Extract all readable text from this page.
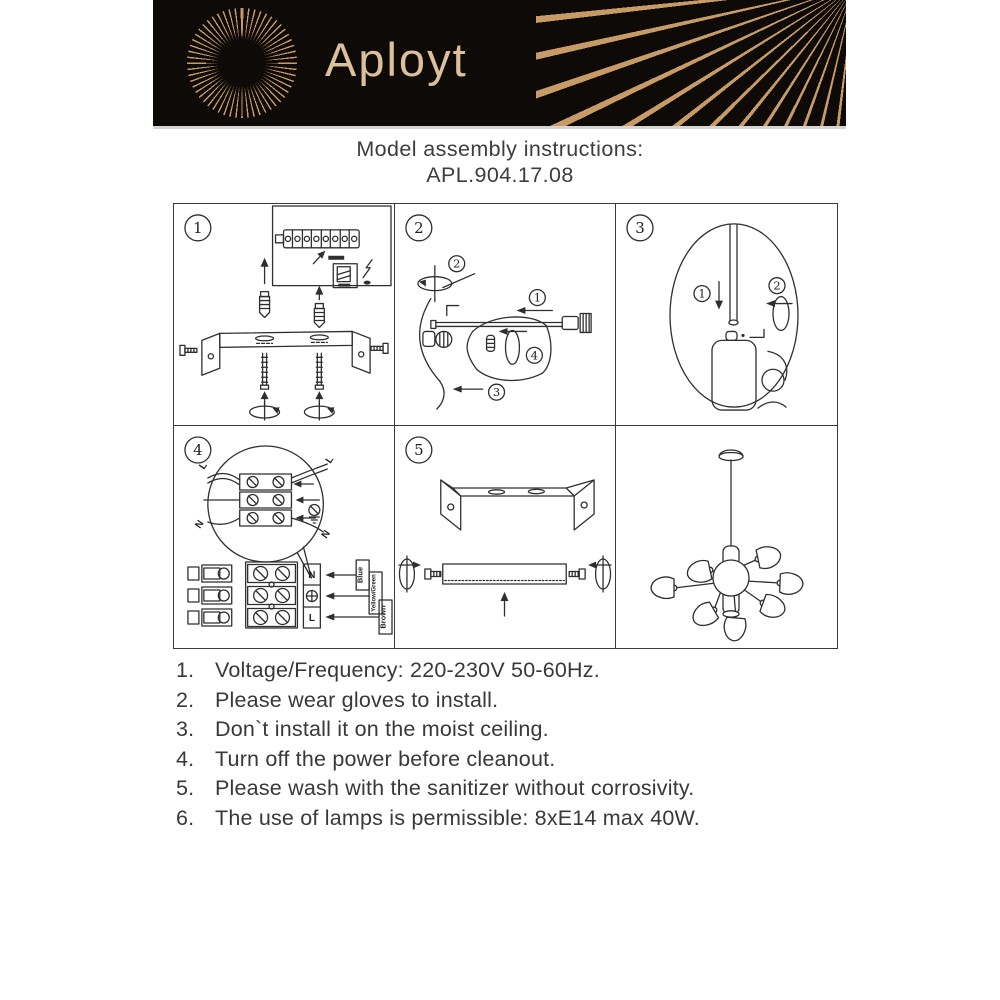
Aployt
Model assembly instructions:
APL.904.17.08
1	2
2
1
4
3
3
1
2
4
L
L
N
N
N
L
Blue Yellow/Green
Brown
5
1. Voltage/Frequency: 220-230V 50-60Hz.
2. Please wear gloves to install.
3. Don`t install it on the moist ceiling.
4. Turn off the power before cleanout.
5. Please wash with the sanitizer without corrosivity.
6. The use of lamps is permissible: 8xE14 max 40W.
